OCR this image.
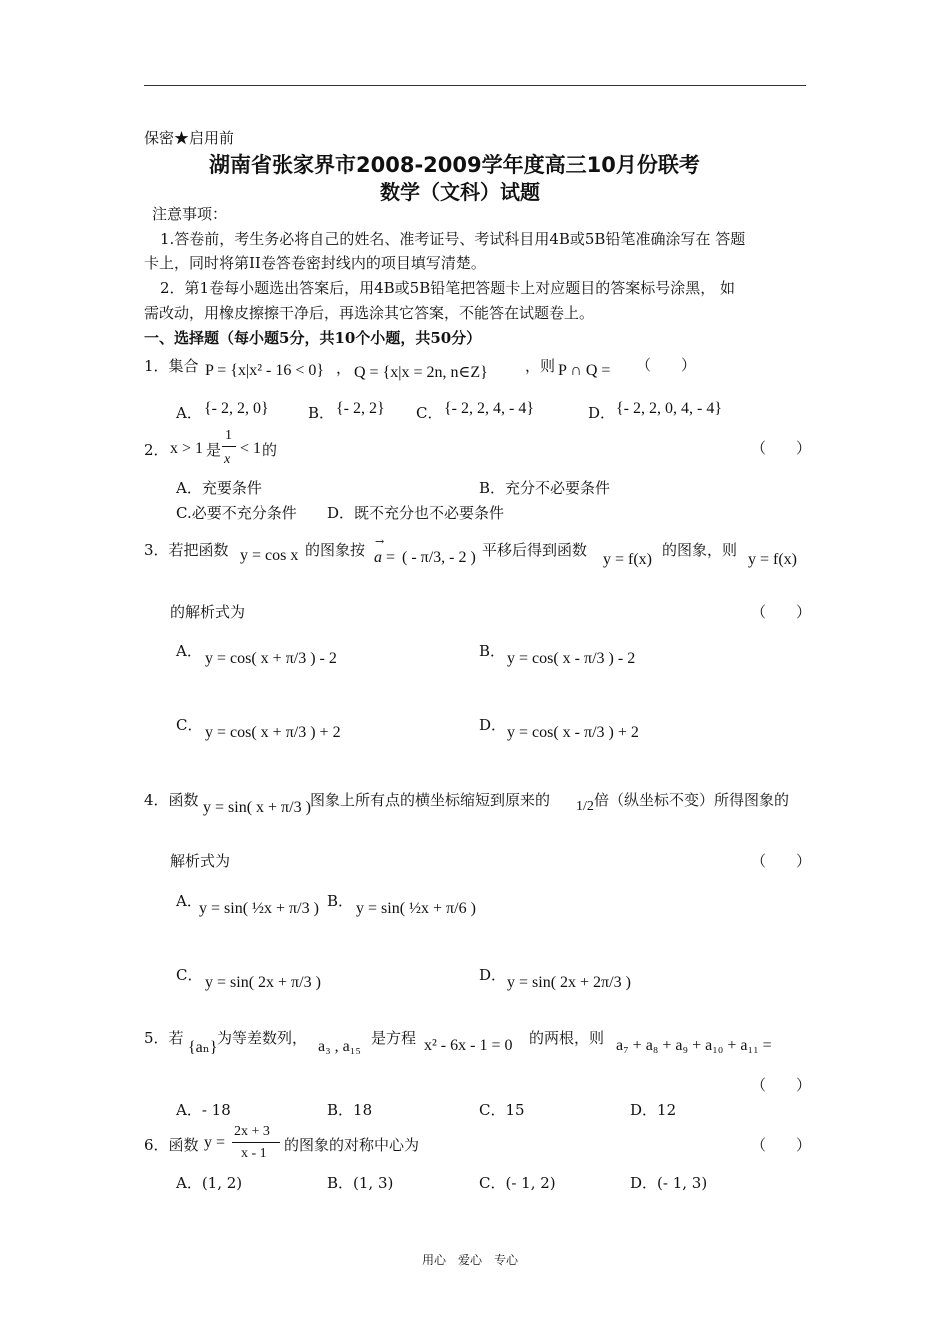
保密★启用前
湖南省张家界市2008-2009学年度高三10月份联考
数学（文科）试题
注意事项：
1.答卷前，考生务必将自己的姓名、准考证号、考试科目用4B或5B铅笔准确涂写在 答题
卡上，同时将第II卷答卷密封线内的项目填写清楚。
2．第1卷每小题选出答案后，用4B或5B铅笔把答题卡上对应题目的答案标号涂黑， 如
需改动，用橡皮擦擦干净后，再选涂其它答案，不能答在试题卷上。
一、选择题（每小题5分，共10个小题，共50分）
1．集合 P = {x|x² - 16 < 0} ， Q = {x|x = 2n, n∈Z} ，则 P ∩ Q = （　　）
A． {- 2, 2, 0}	B． {- 2, 2} C． {- 2, 2, 4, - 4}	D． {- 2, 2, 0, 4, - 4}
2． x > 1 是
1
x
< 1 的	（　　）
A．充要条件	B．充分不必要条件
C.必要不充分条件 D．既不充分也不必要条件
3．若把函数 y = cos x 的图象按 a
→
= ( - π/3, - 2 ) 平移后得到函数
y = f(x)
的图象，则
y = f(x)
的解析式为	（　　）
A． y = cos( x + π/3 ) - 2	B． y = cos( x - π/3 ) - 2
C． y = cos( x + π/3 ) + 2	D． y = cos( x - π/3 ) + 2
4．函数 y = sin( x + π/3 ) 图象上所有点的横坐标缩短到原来的 1/2 倍（纵坐标不变）所得图象的
解析式为	（　　）
A．
y = sin( ½x + π/3 ) B． y = sin( ½x + π/6 )
C． y = sin( 2x + π/3 )	D． y = sin( 2x + 2π/3 )
5．若
{aₙ}
为等差数列， a₃ , a₁₅ 是方程 x² - 6x - 1 = 0 的两根，则 a₇ + a₈ + a₉ + a₁₀ + a₁₁ =
（　　）
A．- 18	B．18	C．15	D．12
6．函数 y =
2x + 3
x - 1 的图象的对称中心为	（　　）
A．(1, 2)	B．(1, 3)	C．(- 1, 2)	D．(- 1, 3)
用心　爱心　专心
